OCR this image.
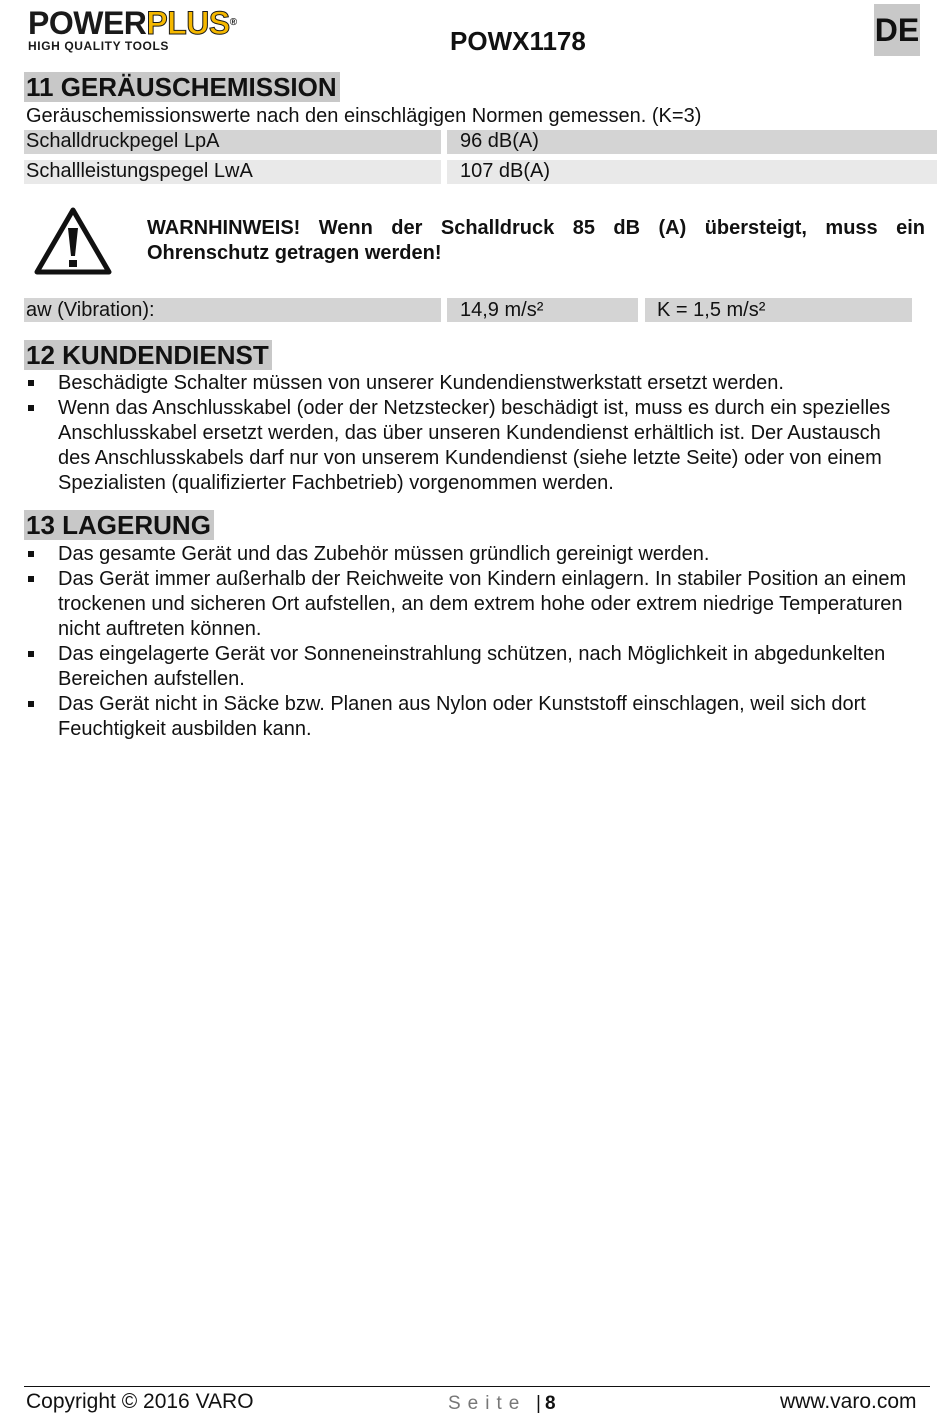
POWERPLUS®
HIGH QUALITY TOOLS	POWX1178	DE
11 GERÄUSCHEMISSION
Geräuschemissionswerte nach den einschlägigen Normen gemessen. (K=3)
Schalldruckpegel LpA	96 dB(A)
Schallleistungspegel LwA	107 dB(A)
WARNHINWEIS! Wenn der Schalldruck 85 dB (A) übersteigt, muss ein
Ohrenschutz getragen werden!
aw (Vibration):	14,9 m/s²	K = 1,5 m/s²
12 KUNDENDIENST
Beschädigte Schalter müssen von unserer Kundendienstwerkstatt ersetzt werden.
Wenn das Anschlusskabel (oder der Netzstecker) beschädigt ist, muss es durch ein spezielles Anschlusskabel ersetzt werden, das über unseren Kundendienst erhältlich ist. Der Austausch des Anschlusskabels darf nur von unserem Kundendienst (siehe letzte Seite) oder von einem Spezialisten (qualifizierter Fachbetrieb) vorgenommen werden.
13 LAGERUNG
Das gesamte Gerät und das Zubehör müssen gründlich gereinigt werden.
Das Gerät immer außerhalb der Reichweite von Kindern einlagern. In stabiler Position an einem trockenen und sicheren Ort aufstellen, an dem extrem hohe oder extrem niedrige Temperaturen nicht auftreten können.
Das eingelagerte Gerät vor Sonneneinstrahlung schützen, nach Möglichkeit in abgedunkelten Bereichen aufstellen.
Das Gerät nicht in Säcke bzw. Planen aus Nylon oder Kunststoff einschlagen, weil sich dort Feuchtigkeit ausbilden kann.
Copyright © 2016 VARO	Seite | 8	www.varo.com
